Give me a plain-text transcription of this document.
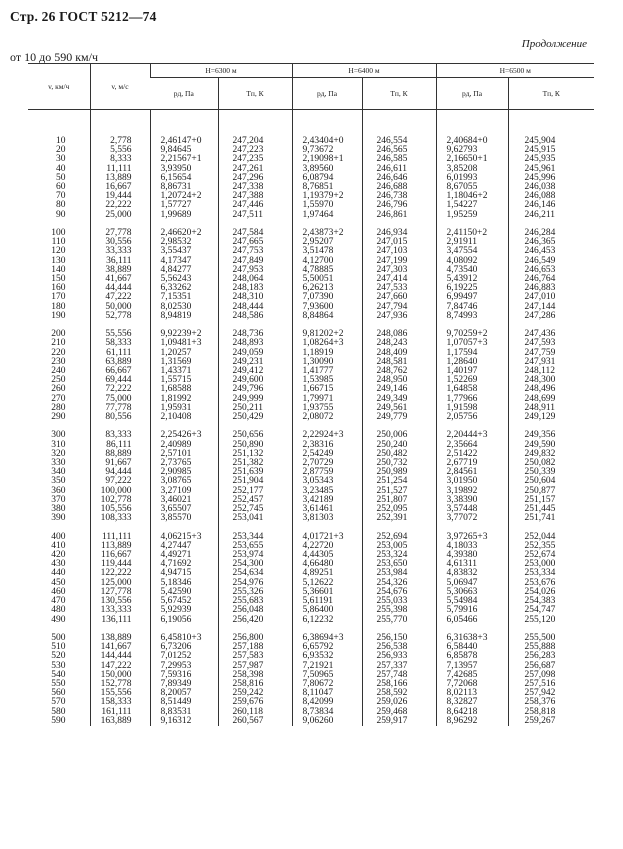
Стр. 26 ГОСТ 5212—74
Продолжение
от 10 до 590 км/ч
v, км/ч	v, м/с	H=6300 м		H=6400 м		H=6500 м	
		pд, Па	Tп, К	pд, Па	Tп, К	pд, Па	Tп, К
10	2,778	2,46147+0	247,204	2,43404+0	246,554	2,40684+0	245,904
20	5,556	9,84645	247,223	9,73672	246,565	9,62793	245,915
30	8,333	2,21567+1	247,235	2,19098+1	246,585	2,16650+1	245,935
40	11,111	3,93950	247,261	3,89560	246,611	3,85208	245,961
50	13,889	6,15654	247,296	6,08794	246,646	6,01993	245,996
60	16,667	8,86731	247,338	8,76851	246,688	8,67055	246,038
70	19,444	1,20724+2	247,388	1,19379+2	246,738	1,18046+2	246,088
80	22,222	1,57727	247,446	1,55970	246,796	1,54227	246,146
90	25,000	1,99689	247,511	1,97464	246,861	1,95259	246,211

100	27,778	2,46620+2	247,584	2,43873+2	246,934	2,41150+2	246,284
110	30,556	2,98532	247,665	2,95207	247,015	2,91911	246,365
120	33,333	3,55437	247,753	3,51478	247,103	3,47554	246,453
130	36,111	4,17347	247,849	4,12700	247,199	4,08092	246,549
140	38,889	4,84277	247,953	4,78885	247,303	4,73540	246,653
150	41,667	5,56243	248,064	5,50051	247,414	5,43912	246,764
160	44,444	6,33262	248,183	6,26213	247,533	6,19225	246,883
170	47,222	7,15351	248,310	7,07390	247,660	6,99497	247,010
180	50,000	8,02530	248,444	7,93600	247,794	7,84746	247,144
190	52,778	8,94819	248,586	8,84864	247,936	8,74993	247,286

200	55,556	9,92239+2	248,736	9,81202+2	248,086	9,70259+2	247,436
210	58,333	1,09481+3	248,893	1,08264+3	248,243	1,07057+3	247,593
220	61,111	1,20257	249,059	1,18919	248,409	1,17594	247,759
230	63,889	1,31569	249,231	1,30090	248,581	1,28640	247,931
240	66,667	1,43371	249,412	1,41777	248,762	1,40197	248,112
250	69,444	1,55715	249,600	1,53985	248,950	1,52269	248,300
260	72,222	1,68588	249,796	1,66715	249,146	1,64858	248,496
270	75,000	1,81992	249,999	1,79971	249,349	1,77966	248,699
280	77,778	1,95931	250,211	1,93755	249,561	1,91598	248,911
290	80,556	2,10408	250,429	2,08072	249,779	2,05756	249,129

300	83,333	2,25426+3	250,656	2,22924+3	250,006	2,20444+3	249,356
310	86,111	2,40989	250,890	2,38316	250,240	2,35664	249,590
320	88,889	2,57101	251,132	2,54249	250,482	2,51422	249,832
330	91,667	2,73765	251,382	2,70729	250,732	2,67719	250,082
340	94,444	2,90985	251,639	2,87759	250,989	2,84561	250,339
350	97,222	3,08765	251,904	3,05343	251,254	3,01950	250,604
360	100,000	3,27109	252,177	3,23485	251,527	3,19892	250,877
370	102,778	3,46021	252,457	3,42189	251,807	3,38390	251,157
380	105,556	3,65507	252,745	3,61461	252,095	3,57448	251,445
390	108,333	3,85570	253,041	3,81303	252,391	3,77072	251,741

400	111,111	4,06215+3	253,344	4,01721+3	252,694	3,97265+3	252,044
410	113,889	4,27447	253,655	4,22720	253,005	4,18033	252,355
420	116,667	4,49271	253,974	4,44305	253,324	4,39380	252,674
430	119,444	4,71692	254,300	4,66480	253,650	4,61311	253,000
440	122,222	4,94715	254,634	4,89251	253,984	4,83832	253,334
450	125,000	5,18346	254,976	5,12622	254,326	5,06947	253,676
460	127,778	5,42590	255,326	5,36601	254,676	5,30663	254,026
470	130,556	5,67452	255,683	5,61191	255,033	5,54984	254,383
480	133,333	5,92939	256,048	5,86400	255,398	5,79916	254,747
490	136,111	6,19056	256,420	6,12232	255,770	6,05466	255,120

500	138,889	6,45810+3	256,800	6,38694+3	256,150	6,31638+3	255,500
510	141,667	6,73206	257,188	6,65792	256,538	6,58440	255,888
520	144,444	7,01252	257,583	6,93532	256,933	6,85878	256,283
530	147,222	7,29953	257,987	7,21921	257,337	7,13957	256,687
540	150,000	7,59316	258,398	7,50965	257,748	7,42685	257,098
550	152,778	7,89349	258,816	7,80672	258,166	7,72068	257,516
560	155,556	8,20057	259,242	8,11047	258,592	8,02113	257,942
570	158,333	8,51449	259,676	8,42099	259,026	8,32827	258,376
580	161,111	8,83531	260,118	8,73834	259,468	8,64218	258,818
590	163,889	9,16312	260,567	9,06260	259,917	8,96292	259,267
